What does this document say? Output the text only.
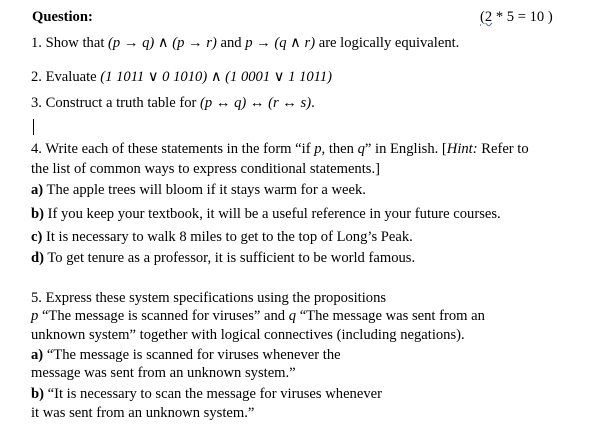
Question:	(2 * 5 = 10 )
1. Show that (p → q) ∧ (p → r) and p → (q ∧ r) are logically equivalent.
2. Evaluate (1 1011 ∨ 0 1010) ∧ (1 0001 ∨ 1 1011)
3. Construct a truth table for (p ↔ q) ↔ (r ↔ s).
4. Write each of these statements in the form “if p, then q” in English. [Hint: Refer to
the list of common ways to express conditional statements.]
a) The apple trees will bloom if it stays warm for a week.
b) If you keep your textbook, it will be a useful reference in your future courses.
c) It is necessary to walk 8 miles to get to the top of Long’s Peak.
d) To get tenure as a professor, it is sufficient to be world famous.
5. Express these system specifications using the propositions
p “The message is scanned for viruses” and q “The message was sent from an
unknown system” together with logical connectives (including negations).
a) “The message is scanned for viruses whenever the
message was sent from an unknown system.”
b) “It is necessary to scan the message for viruses whenever
it was sent from an unknown system.”
